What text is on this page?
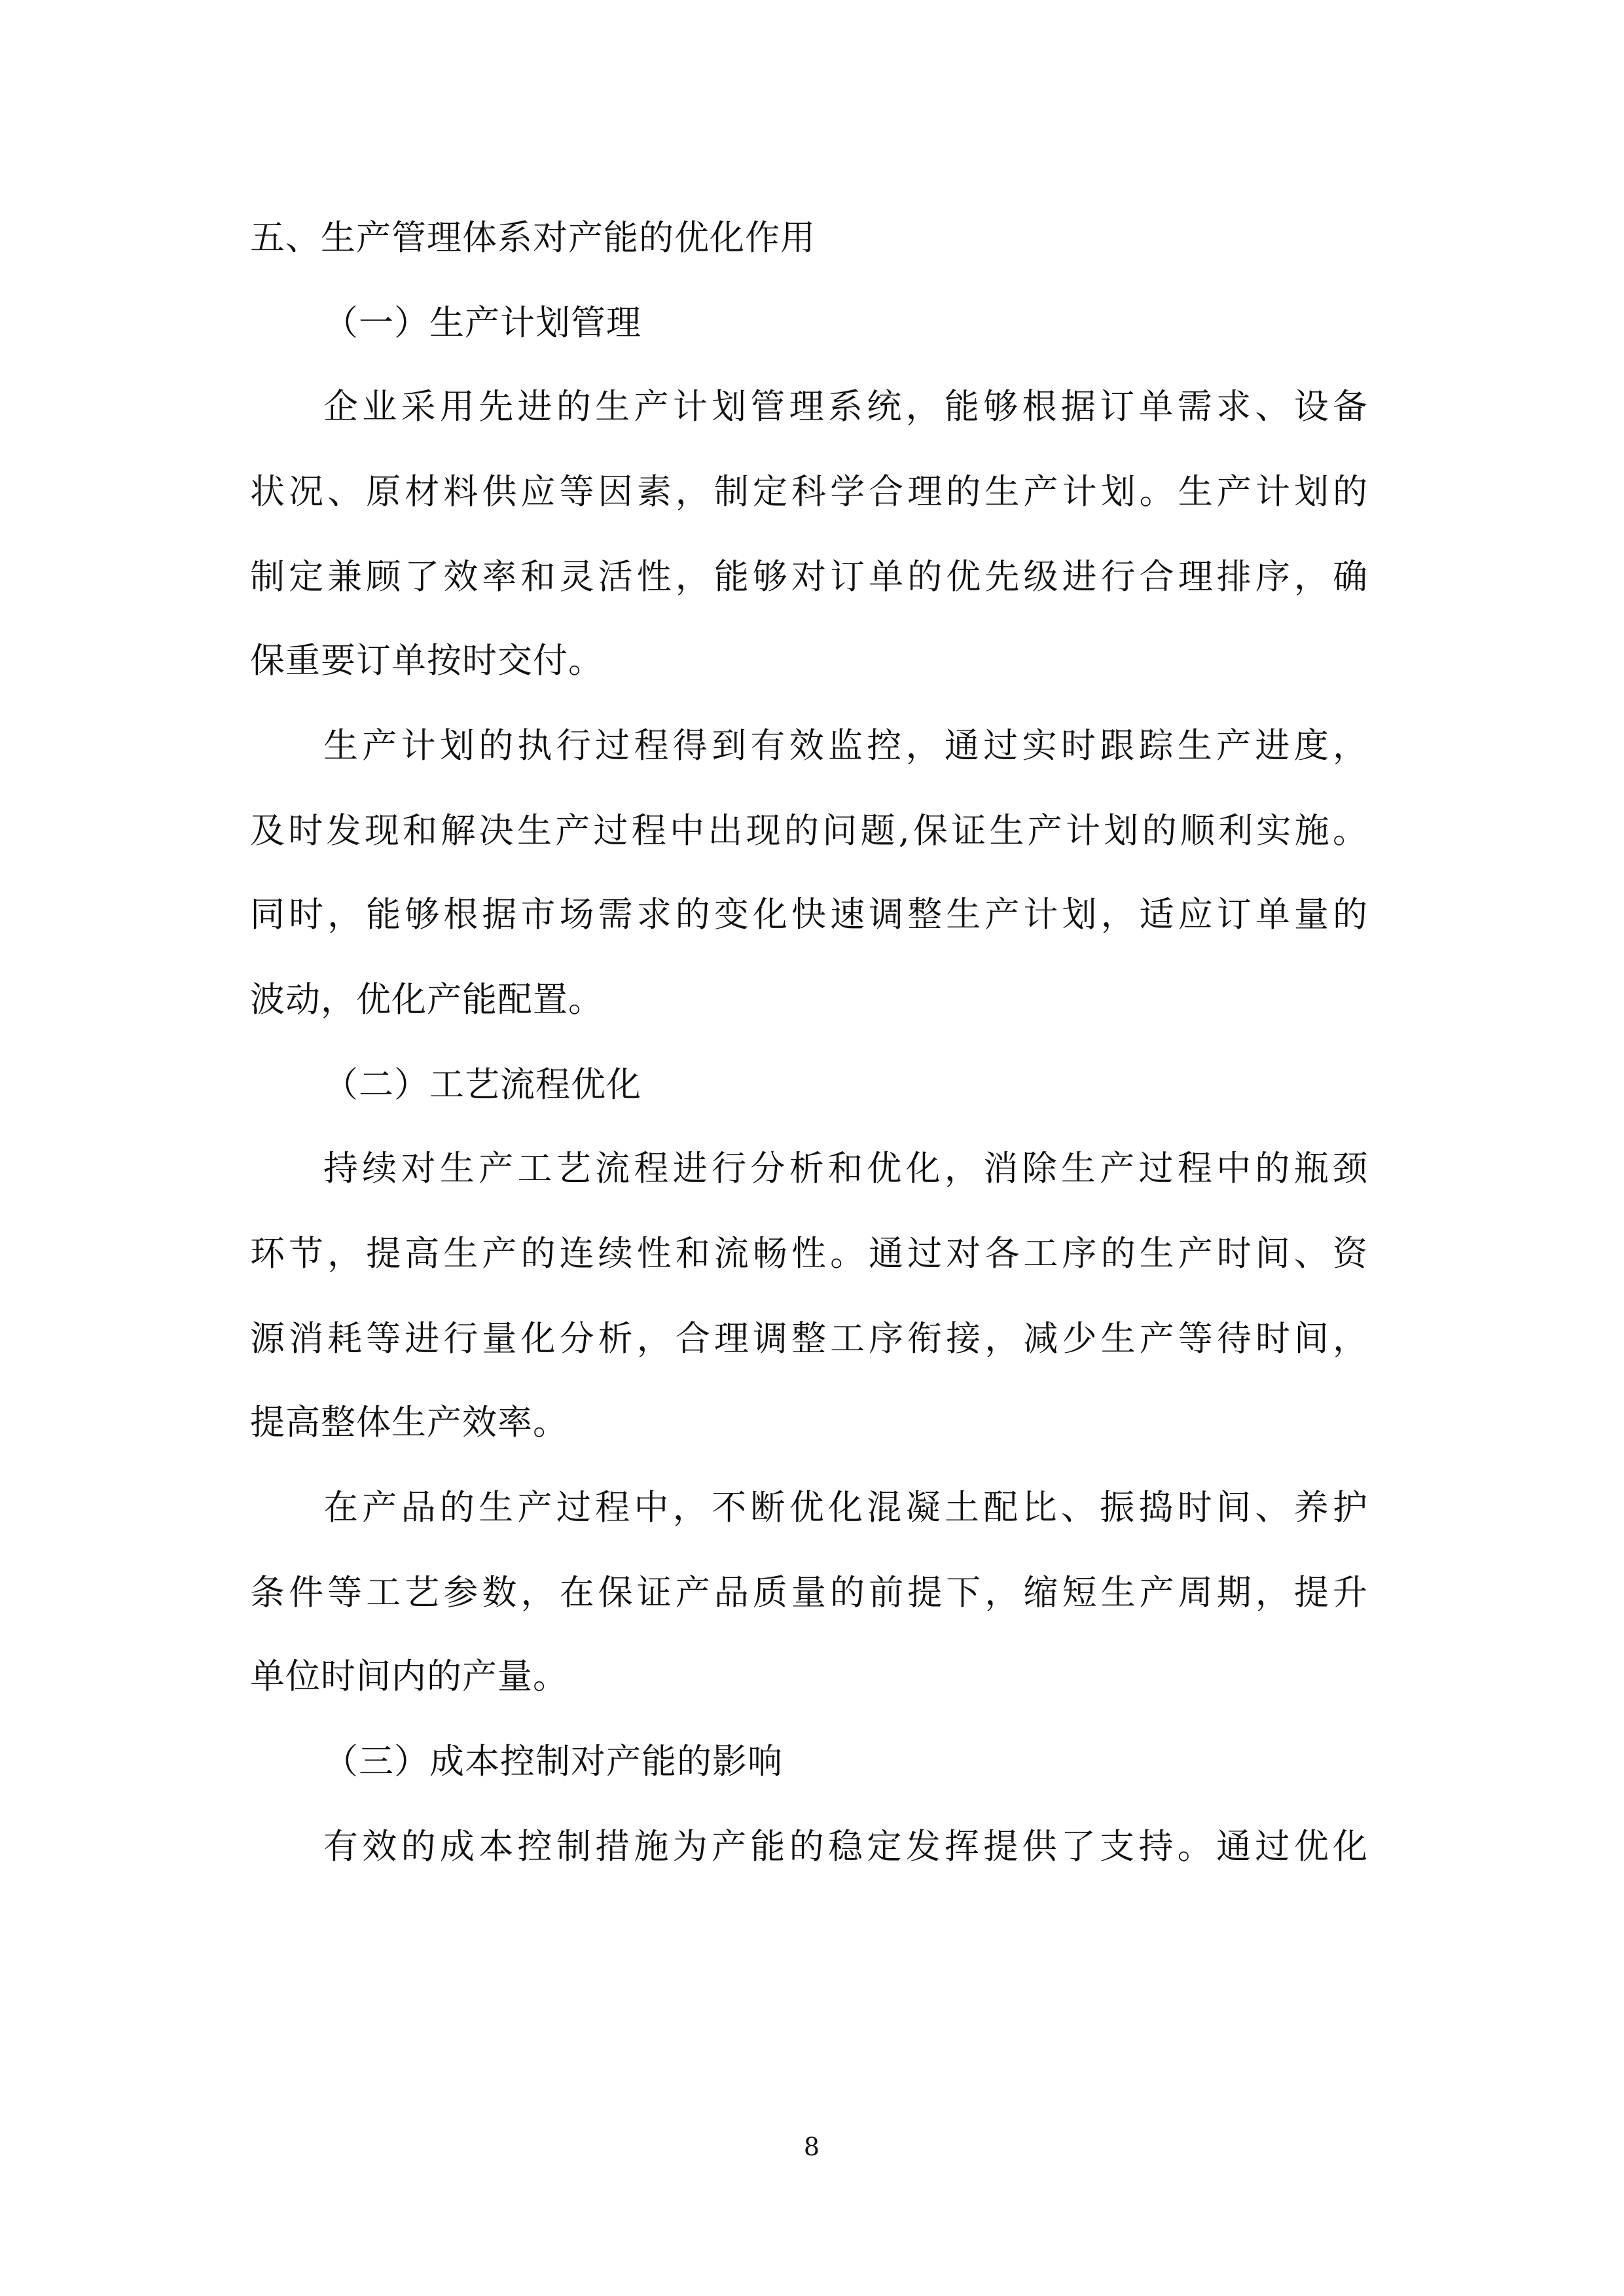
五、生产管理体系对产能的优化作用
（一）生产计划管理
企业采用先进的生产计划管理系统，能够根据订单需求、设备
状况、原材料供应等因素，制定科学合理的生产计划。生产计划的
制定兼顾了效率和灵活性，能够对订单的优先级进行合理排序，确
保重要订单按时交付。
生产计划的执行过程得到有效监控，通过实时跟踪生产进度，
及时发现和解决生产过程中出现的问题,保证生产计划的顺利实施。
同时，能够根据市场需求的变化快速调整生产计划，适应订单量的
波动，优化产能配置。
（二）工艺流程优化
持续对生产工艺流程进行分析和优化，消除生产过程中的瓶颈
环节，提高生产的连续性和流畅性。通过对各工序的生产时间、资
源消耗等进行量化分析，合理调整工序衔接，减少生产等待时间，
提高整体生产效率。
在产品的生产过程中，不断优化混凝土配比、振捣时间、养护
条件等工艺参数，在保证产品质量的前提下，缩短生产周期，提升
单位时间内的产量。
（三）成本控制对产能的影响
有效的成本控制措施为产能的稳定发挥提供了支持。通过优化
8
